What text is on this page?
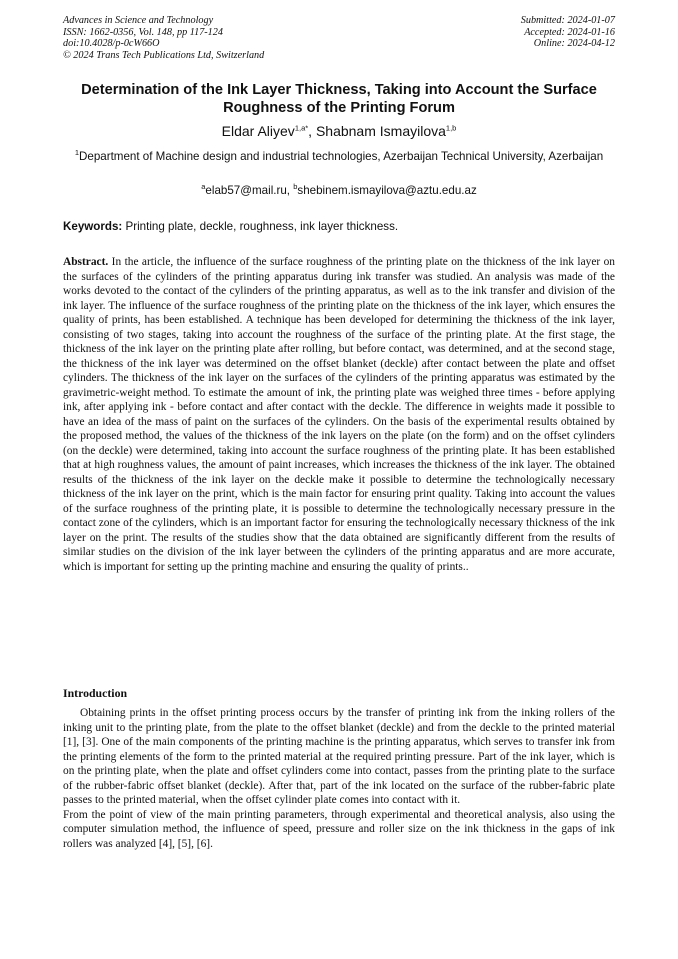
Advances in Science and Technology
ISSN: 1662-0356, Vol. 148, pp 117-124
doi:10.4028/p-0cW66O
© 2024 Trans Tech Publications Ltd, Switzerland
Submitted: 2024-01-07
Accepted: 2024-01-16
Online: 2024-04-12
Determination of the Ink Layer Thickness, Taking into Account the Surface Roughness of the Printing Forum
Eldar Aliyev$^{1,a*}$, Shabnam Ismayilova$^{1,b}$
$^1$Department of Machine design and industrial technologies, Azerbaijan Technical University, Azerbaijan
$^a$elab57@mail.ru, $^b$shebinem.ismayilova@aztu.edu.az
Keywords: Printing plate, deckle, roughness, ink layer thickness.
Abstract. In the article, the influence of the surface roughness of the printing plate on the thickness of the ink layer on the surfaces of the cylinders of the printing apparatus during ink transfer was studied. An analysis was made of the works devoted to the contact of the cylinders of the printing apparatus, as well as to the ink transfer and division of the ink layer. The influence of the surface roughness of the printing plate on the thickness of the ink layer, which ensures the quality of prints, has been established. A technique has been developed for determining the thickness of the ink layer, consisting of two stages, taking into account the roughness of the surface of the printing plate. At the first stage, the thickness of the ink layer on the printing plate after rolling, but before contact, was determined, and at the second stage, the thickness of the ink layer was determined on the offset blanket (deckle) after contact between the plate and offset cylinders. The thickness of the ink layer on the surfaces of the cylinders of the printing apparatus was estimated by the gravimetric-weight method. To estimate the amount of ink, the printing plate was weighed three times - before applying ink, after applying ink - before contact and after contact with the deckle. The difference in weights made it possible to have an idea of the mass of paint on the surfaces of the cylinders. On the basis of the experimental results obtained by the proposed method, the values of the thickness of the ink layers on the plate (on the form) and on the offset cylinders (on the deckle) were determined, taking into account the surface roughness of the printing plate. It has been established that at high roughness values, the amount of paint increases, which increases the thickness of the ink layer. The obtained results of the thickness of the ink layer on the deckle make it possible to determine the technologically necessary thickness of the ink layer on the print, which is the main factor for ensuring print quality. Taking into account the values of the surface roughness of the printing plate, it is possible to determine the technologically necessary pressure in the contact zone of the cylinders, which is an important factor for ensuring the technologically necessary thickness of the ink layer on the print. The results of the studies show that the data obtained are significantly different from the results of similar studies on the division of the ink layer between the cylinders of the printing apparatus and are more accurate, which is important for setting up the printing machine and ensuring the quality of prints..
Introduction

Obtaining prints in the offset printing process occurs by the transfer of printing ink from the inking rollers of the inking unit to the printing plate, from the plate to the offset blanket (deckle) and from the deckle to the printed material [1], [3]. One of the main components of the printing machine is the printing apparatus, which serves to transfer ink from the printing elements of the form to the printed material at the required printing pressure. Part of the ink layer, which is on the printing plate, when the plate and offset cylinders come into contact, passes from the printing plate to the surface of the rubber-fabric offset blanket (deckle). After that, part of the ink located on the surface of the rubber-fabric plate passes to the printed material, when the offset cylinder plate comes into contact with it.

From the point of view of the main printing parameters, through experimental and theoretical analysis, also using the computer simulation method, the influence of speed, pressure and roller size on the ink thickness in the gaps of ink rollers was analyzed [4], [5], [6].
